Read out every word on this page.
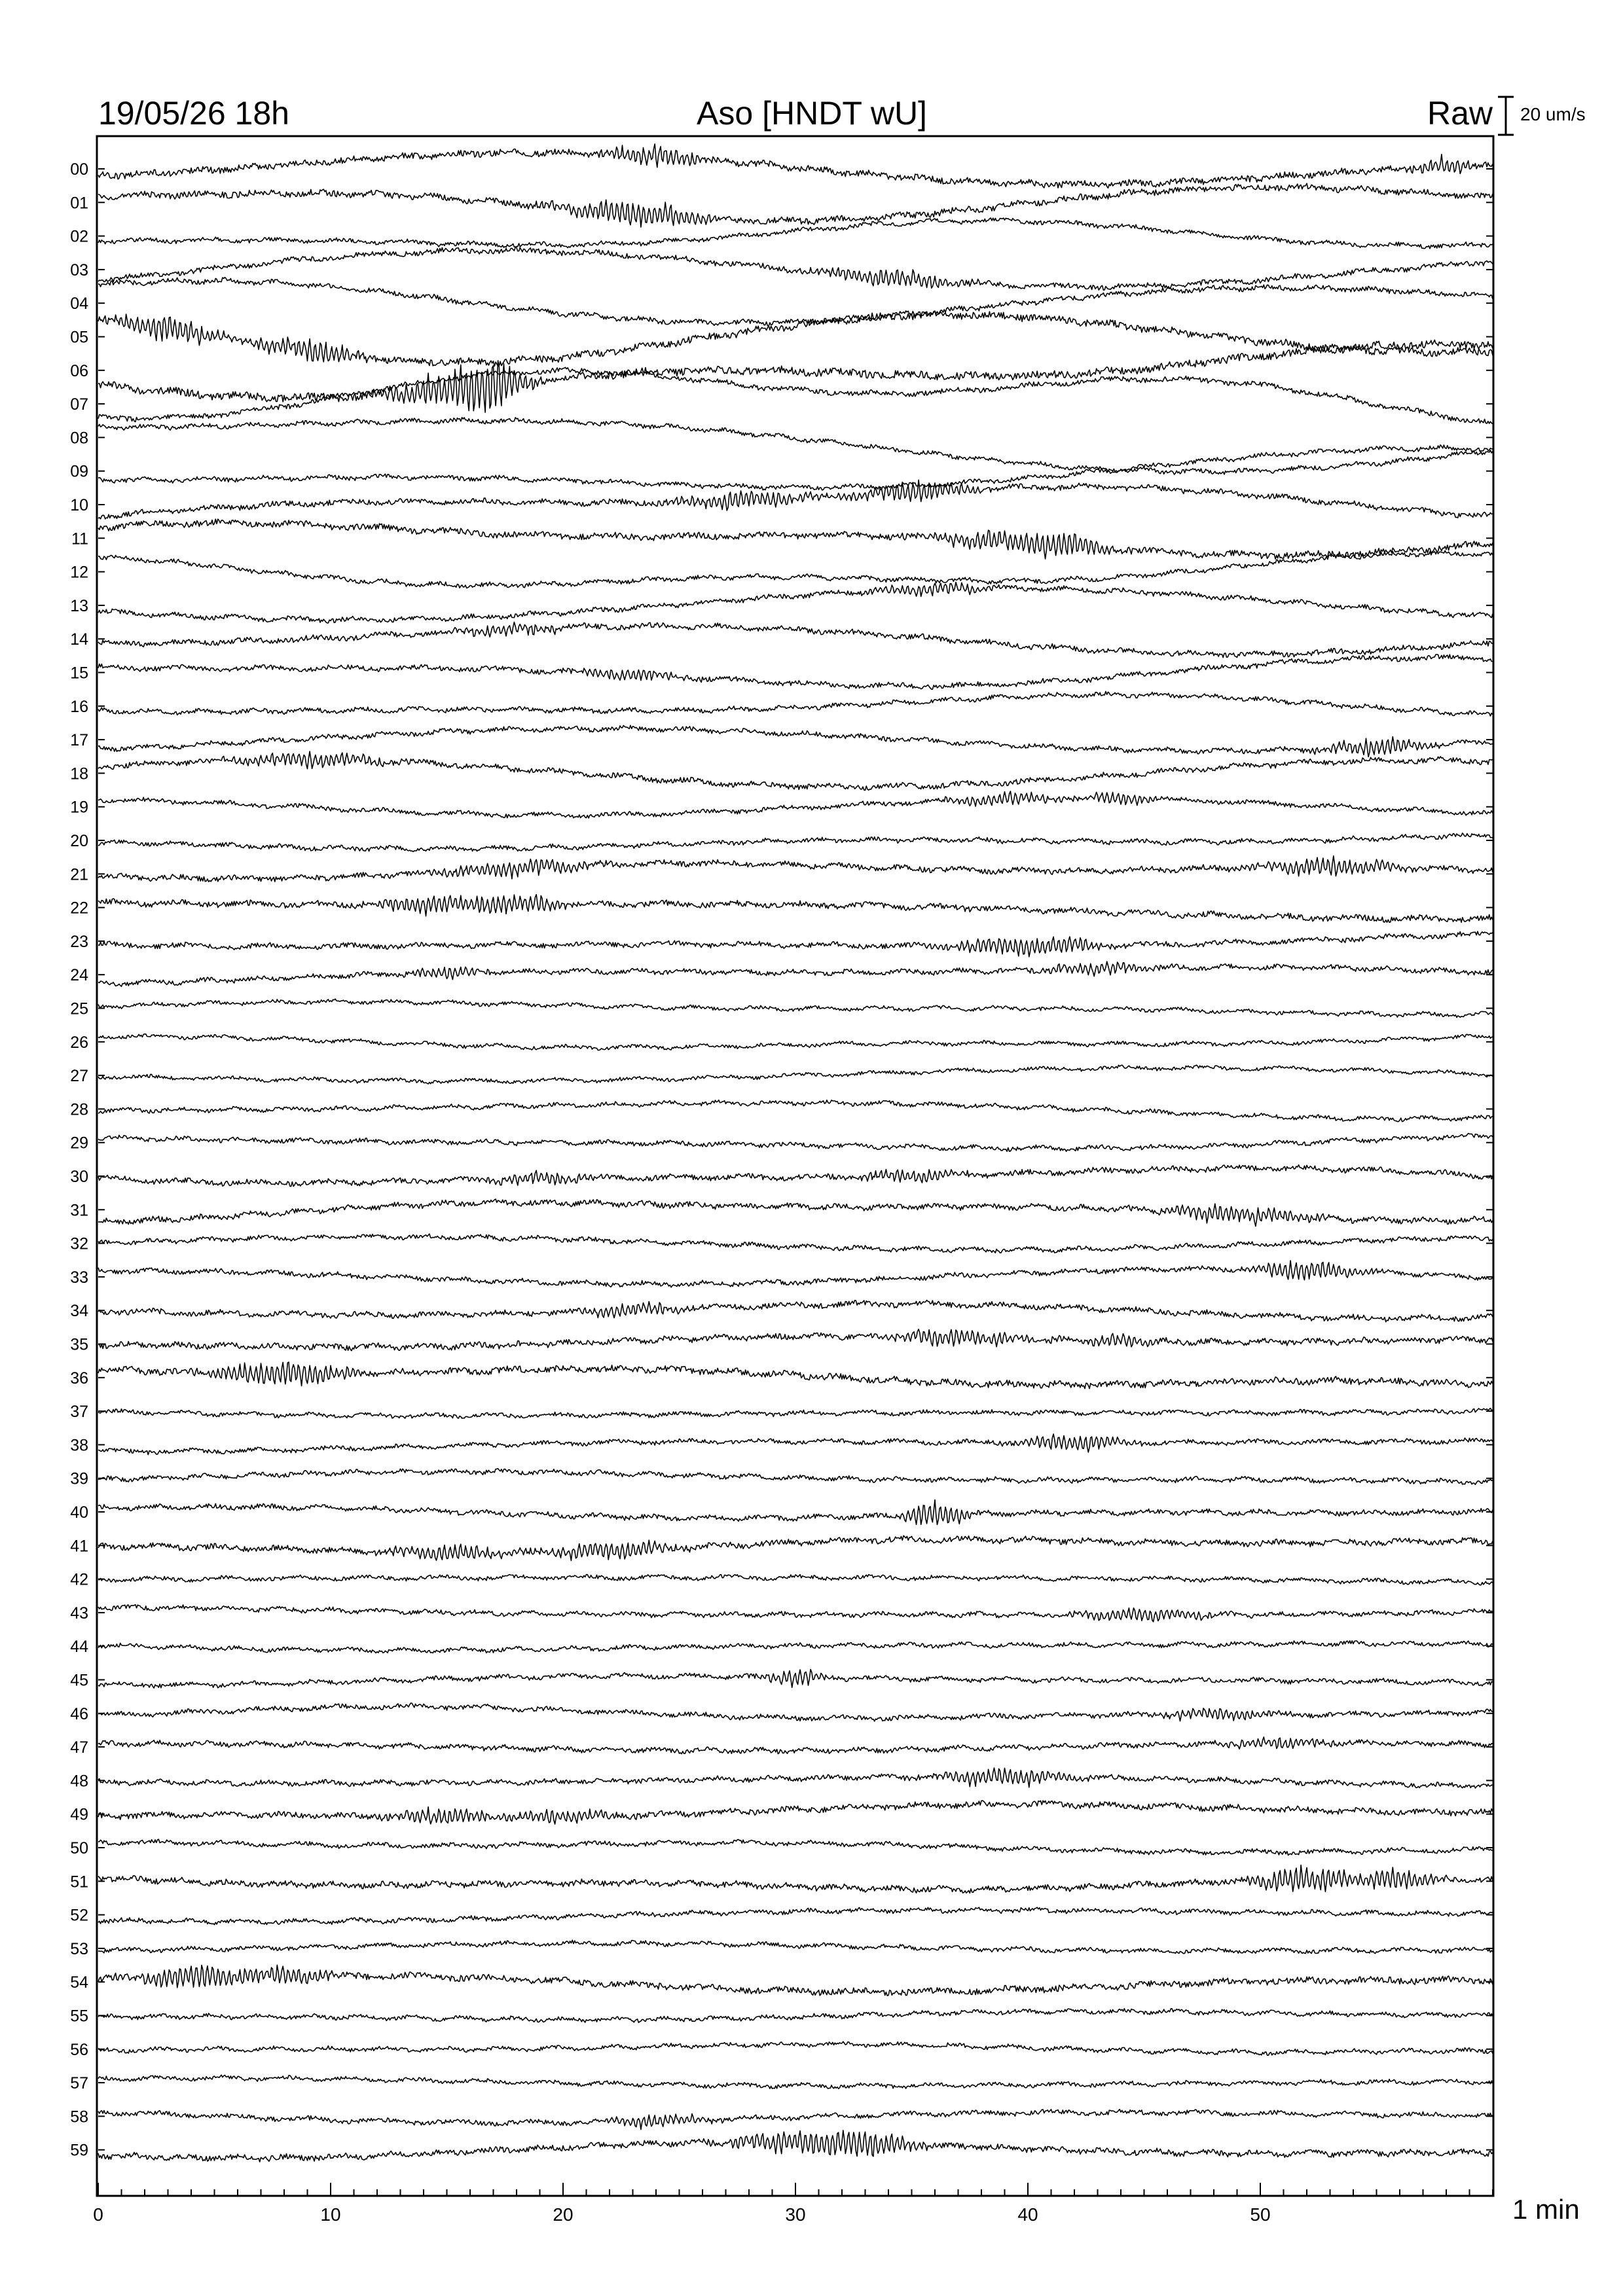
19/05/26 18h	Aso [HNDT wU]	Raw 20 um/s
00
01
02
03
04
05
06
07
08
09
10
11
12
13
14
15
16
17
18
19
20
21
22
23
24
25
26
27
28
29
30
31
32
33
34
35
36
37
38
39
40
41
42
43
44
45
46
47
48
49
50
51
52
53
54
55
56
57
58
59
0	10	20	30	40	50	1 min
